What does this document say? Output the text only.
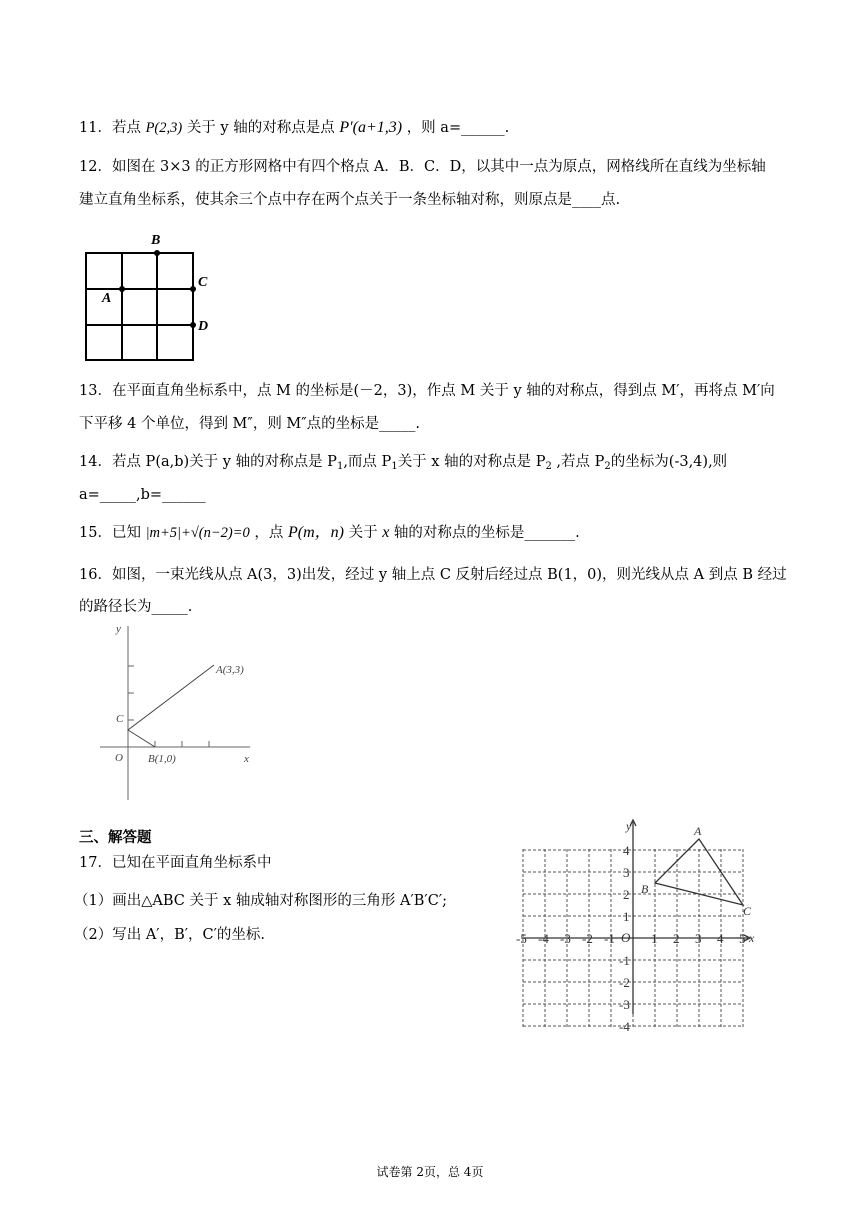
11．若点 P(2,3) 关于 y 轴的对称点是点 P′(a+1,3) ，则 a=______.
12．如图在 3×3 的正方形网格中有四个格点 A．B．C．D，以其中一点为原点，网格线所在直线为坐标轴
建立直角坐标系，使其余三个点中存在两个点关于一条坐标轴对称，则原点是____点.
B
A
C
D
13．在平面直角坐标系中，点 M 的坐标是(－2，3)，作点 M 关于 y 轴的对称点，得到点 M′，再将点 M′向
下平移 4 个单位，得到 M″，则 M″点的坐标是_____.
14．若点 P(a,b)关于 y 轴的对称点是 $P_1$,而点 $P_1$关于 x 轴的对称点是 $P_2$ ,若点 $P_2$的坐标为(-3,4),则
a=_____,b=______
15．已知 |m+5|+√(n−2)=0 ，点 P(m，n) 关于 x 轴的对称点的坐标是_______.
16．如图，一束光线从点 A(3，3)出发，经过 y 轴上点 C 反射后经过点 B(1，0)，则光线从点 A 到点 B 经过
的路径长为_____.
y
x
O
A(3,3)
B(1,0)
C
三、解答题
17．已知在平面直角坐标系中
（1）画出△ABC 关于 x 轴成轴对称图形的三角形 A′B′C′;
（2）写出 A′，B′，C′的坐标.	-5 -4 -3 -2 -1	1 2 3 4 5
4
3
2
1
-1
-2
-3
-4
y
x
O
A
B
C
试卷第 2页，总 4页
